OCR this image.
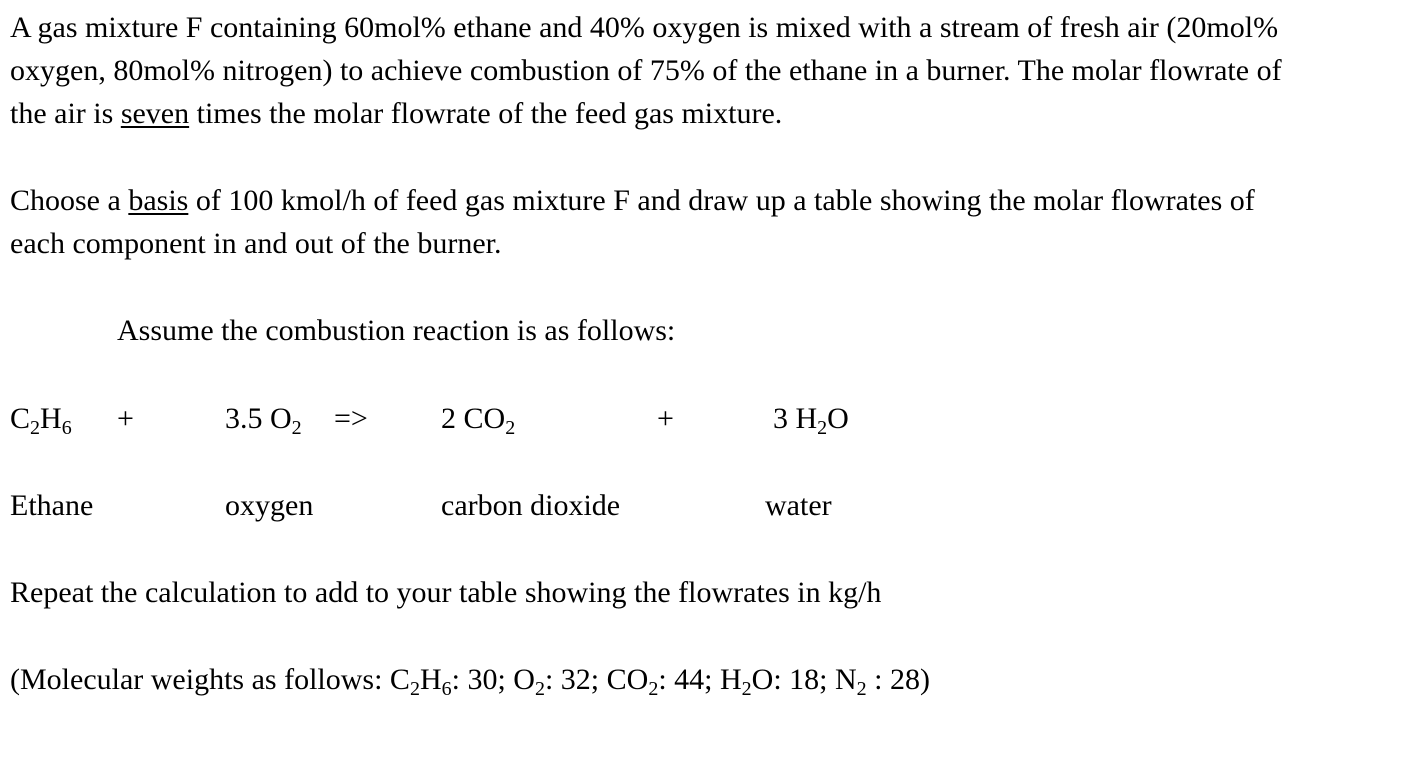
A gas mixture F containing 60mol% ethane and 40% oxygen is mixed with a stream of fresh air (20mol%
oxygen, 80mol% nitrogen) to achieve combustion of 75% of the ethane in a burner. The molar flowrate of
the air is seven times the molar flowrate of the feed gas mixture.
Choose a basis of 100 kmol/h of feed gas mixture F and draw up a table showing the molar flowrates of
each component in and out of the burner.
Assume the combustion reaction is as follows:
$C_2H_6$ +	3.5 $O_2 => 2$ $CO_2$	+	3 $H_2O$
Ethane	oxygen	carbon dioxide	water
Repeat the calculation to add to your table showing the flowrates in kg/h
(Molecular weights as follows: $C_2H_6$: 30; $O_2$: 32; $CO_2$: 44; $H_2O$: 18; $N_2$ : 28)
